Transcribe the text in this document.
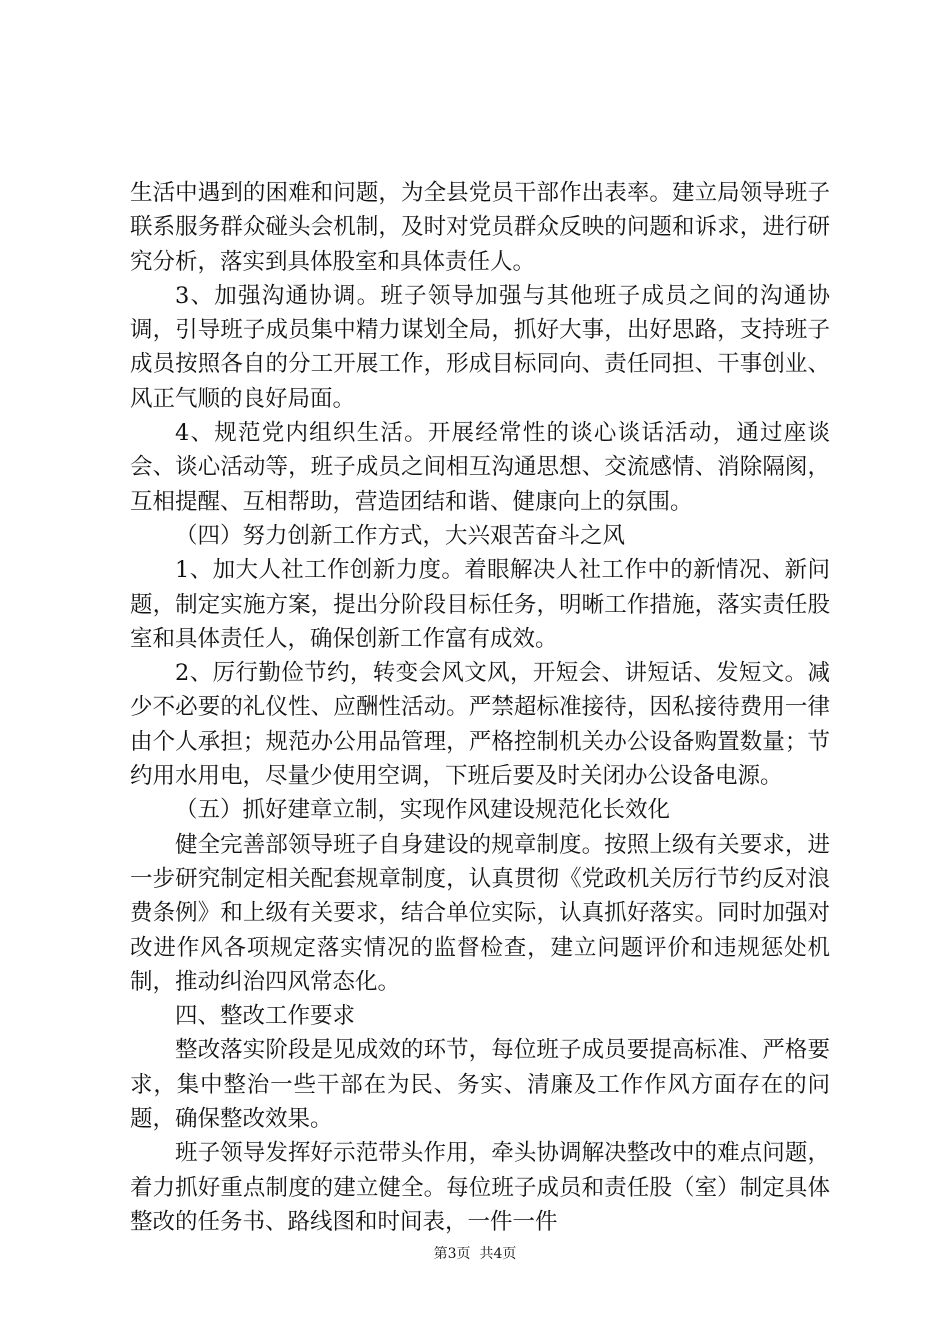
生活中遇到的困难和问题，为全县党员干部作出表率。建立局领导班子联系服务群众碰头会机制，及时对党员群众反映的问题和诉求，进行研究分析，落实到具体股室和具体责任人。

3、加强沟通协调。班子领导加强与其他班子成员之间的沟通协调，引导班子成员集中精力谋划全局，抓好大事，出好思路，支持班子成员按照各自的分工开展工作，形成目标同向、责任同担、干事创业、风正气顺的良好局面。

4、规范党内组织生活。开展经常性的谈心谈话活动，通过座谈会、谈心活动等，班子成员之间相互沟通思想、交流感情、消除隔阂，互相提醒、互相帮助，营造团结和谐、健康向上的氛围。

（四）努力创新工作方式，大兴艰苦奋斗之风

1、加大人社工作创新力度。着眼解决人社工作中的新情况、新问题，制定实施方案，提出分阶段目标任务，明晰工作措施，落实责任股室和具体责任人，确保创新工作富有成效。

2、厉行勤俭节约，转变会风文风，开短会、讲短话、发短文。减少不必要的礼仪性、应酬性活动。严禁超标准接待，因私接待费用一律由个人承担；规范办公用品管理，严格控制机关办公设备购置数量；节约用水用电，尽量少使用空调，下班后要及时关闭办公设备电源。

（五）抓好建章立制，实现作风建设规范化长效化

健全完善部领导班子自身建设的规章制度。按照上级有关要求，进一步研究制定相关配套规章制度，认真贯彻《党政机关厉行节约反对浪费条例》和上级有关要求，结合单位实际，认真抓好落实。同时加强对改进作风各项规定落实情况的监督检查，建立问题评价和违规惩处机制，推动纠治四风常态化。

四、整改工作要求

整改落实阶段是见成效的环节，每位班子成员要提高标准、严格要求，集中整治一些干部在为民、务实、清廉及工作作风方面存在的问题，确保整改效果。

班子领导发挥好示范带头作用，牵头协调解决整改中的难点问题，着力抓好重点制度的建立健全。每位班子成员和责任股（室）制定具体整改的任务书、路线图和时间表，一件一件

第3页  共4页
